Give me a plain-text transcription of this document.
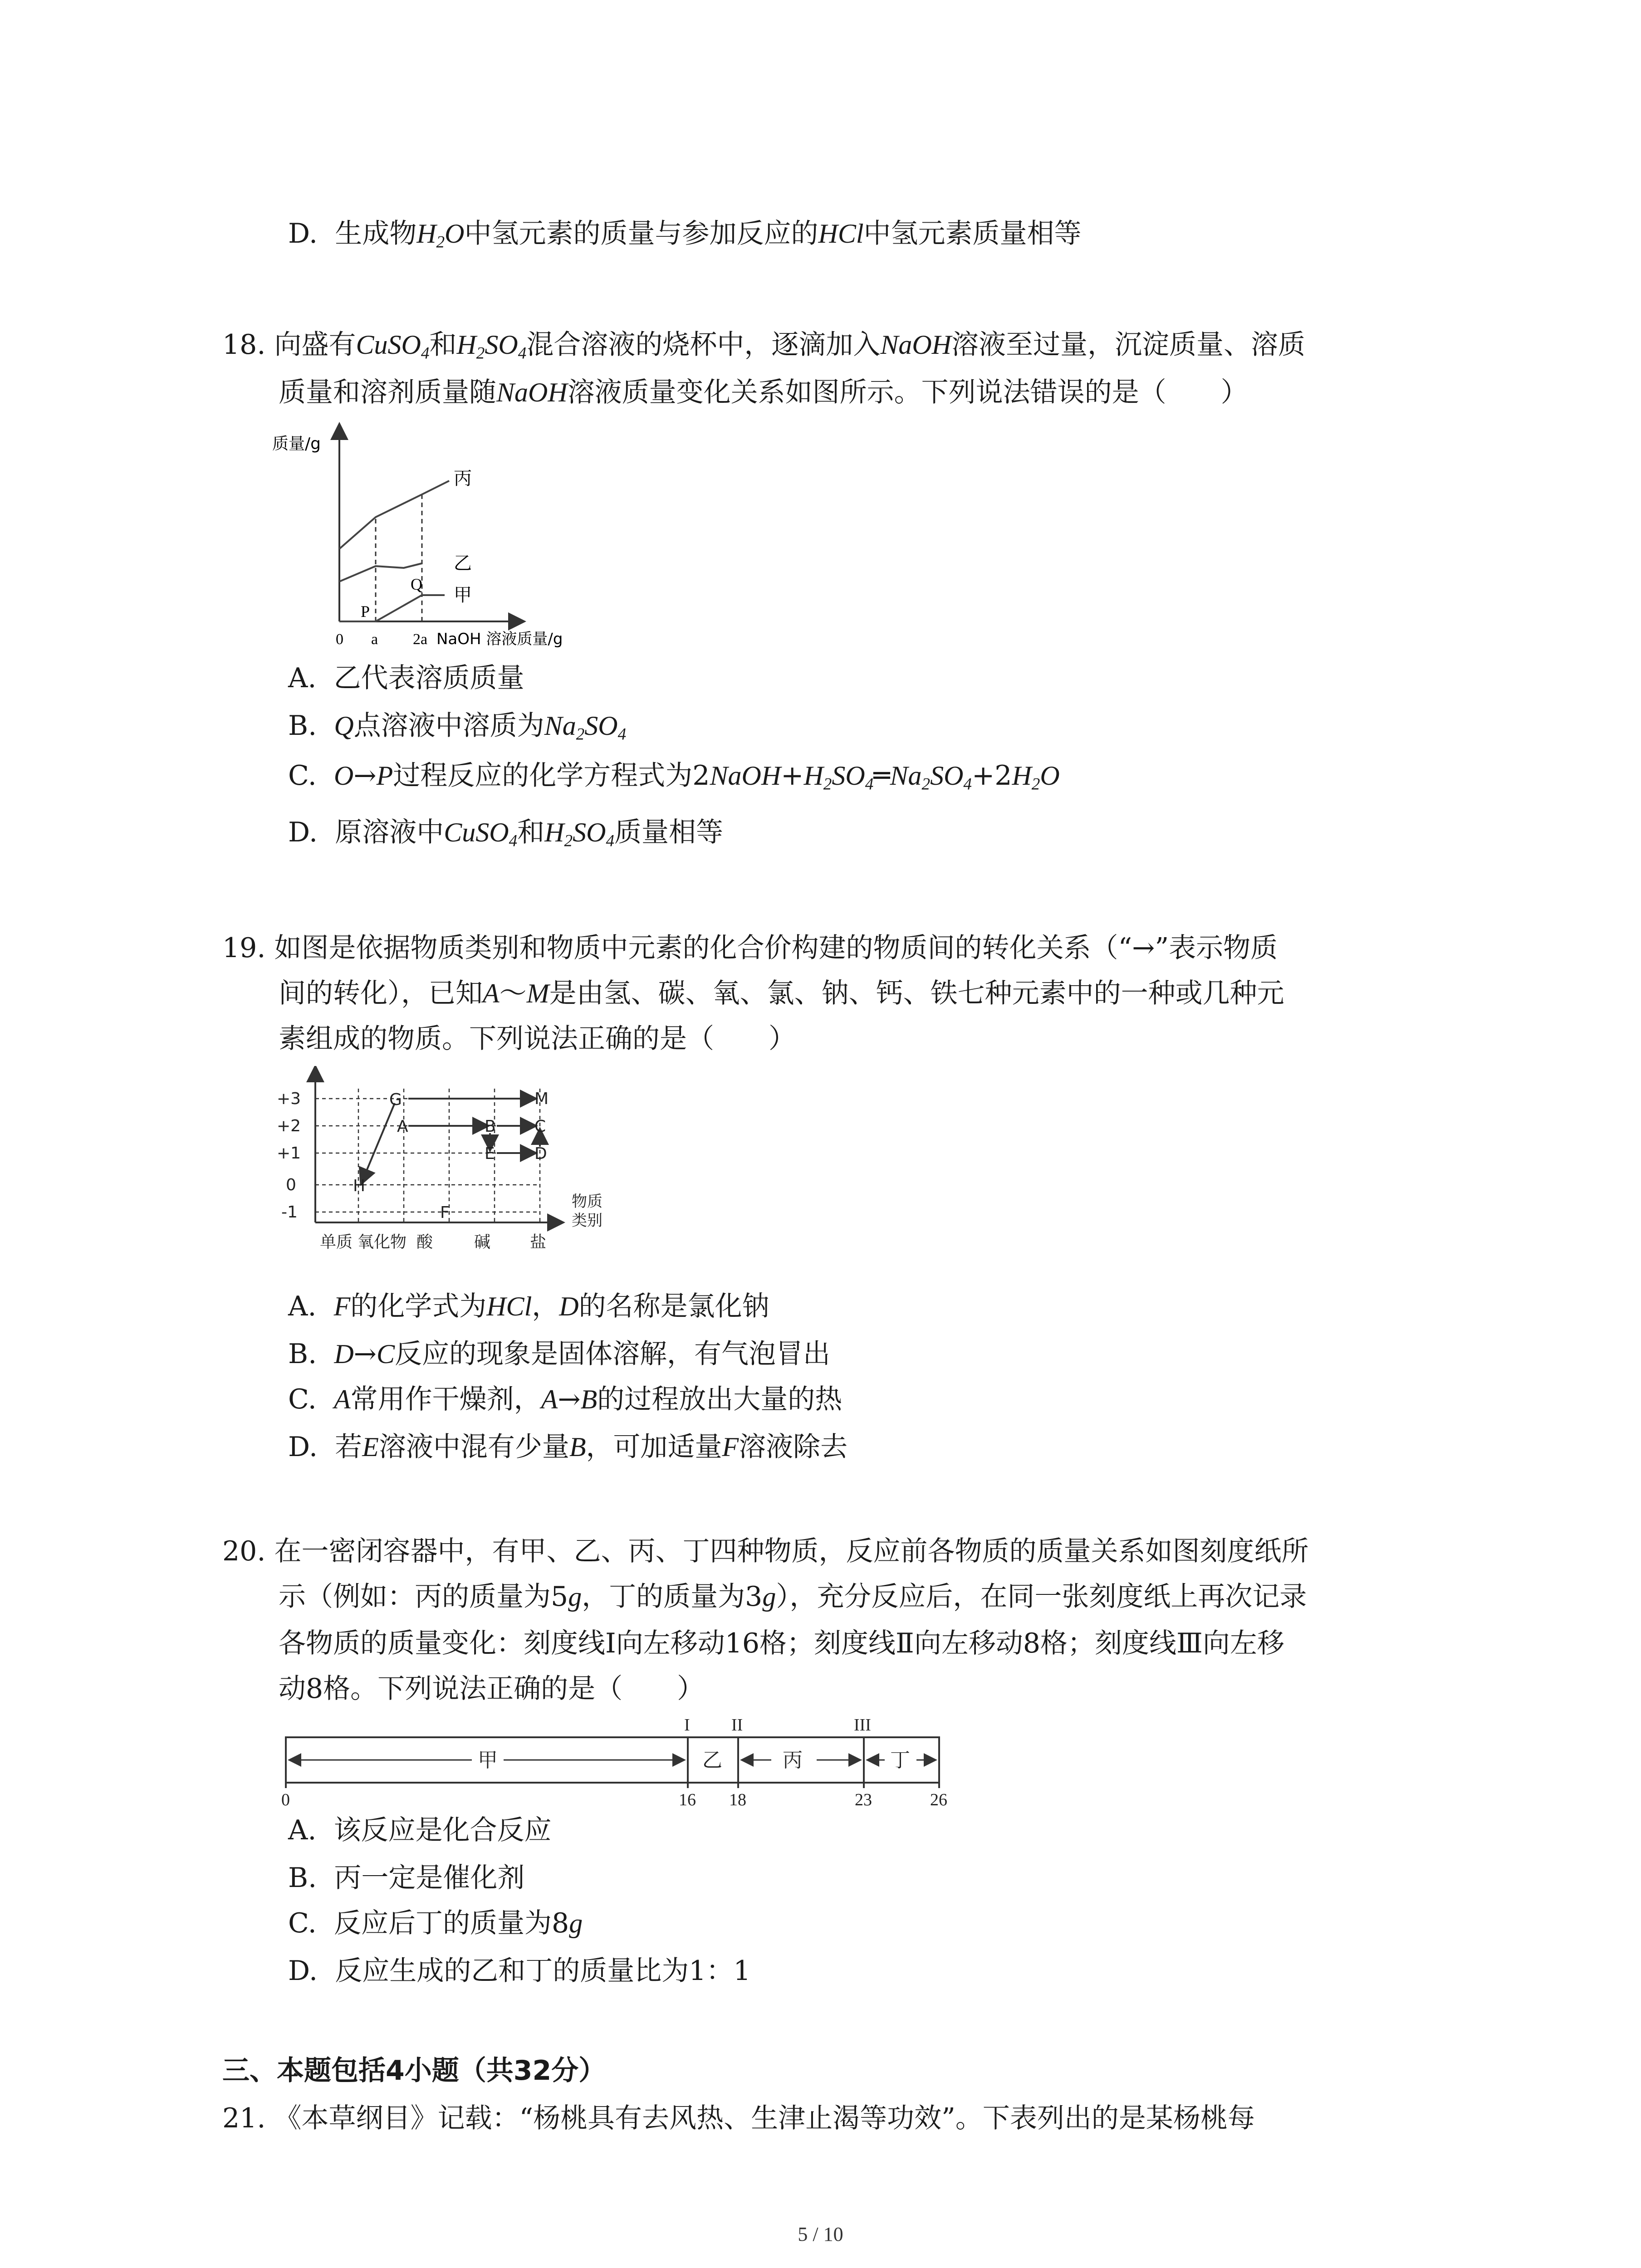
D. 生成物$H_2O$中氢元素的质量与参加反应的HCl中氢元素质量相等
18. 向盛有CuSO$_4$和$H_2SO_4$混合溶液的烧杯中，逐滴加入NaOH溶液至过量，沉淀质量、溶质
质量和溶剂质量随NaOH溶液质量变化关系如图所示。下列说法错误的是（　　）
质量/g
丙
乙
甲
P
Q
0 a 2a NaOH 溶液质量/g
A. 乙代表溶质质量
B. Q点溶液中溶质为$Na_2SO_4$
C. O→P过程反应的化学方程式为$2NaOH+H_2SO_4═Na_2SO_4+2H_2O$
D. 原溶液中CuSO$_4$和$H_2SO_4$质量相等
19. 如图是依据物质类别和物质中元素的化合价构建的物质间的转化关系（“→”表示物质
间的转化），已知A～M是由氢、碳、氧、氯、钠、钙、铁七种元素中的一种或几种元
素组成的物质。下列说法正确的是（　　）
+3
+2
+1
0
-1
G	M
A	B C
E D
H
F
单质 氧化物 酸	碱 盐
物质
类别
A. F的化学式为HCl，D的名称是氯化钠
B. D→C反应的现象是固体溶解，有气泡冒出
C. A常用作干燥剂，A→B的过程放出大量的热
D. 若E溶液中混有少量B，可加适量F溶液除去
20. 在一密闭容器中，有甲、乙、丙、丁四种物质，反应前各物质的质量关系如图刻度纸所
示（例如：丙的质量为5g，丁的质量为3g），充分反应后，在同一张刻度纸上再次记录
各物质的质量变化：刻度线Ⅰ向左移动16格；刻度线Ⅱ向左移动8格；刻度线Ⅲ向左移
动8格。下列说法正确的是（　　）
甲	乙	丙	丁
I II	III
0	16 18	23	26
A. 该反应是化合反应
B. 丙一定是催化剂
C. 反应后丁的质量为8g
D. 反应生成的乙和丁的质量比为1：1
三、本题包括4小题（共32分）
21. 《本草纲目》记载：“杨桃具有去风热、生津止渴等功效”。下表列出的是某杨桃每
5 / 10
